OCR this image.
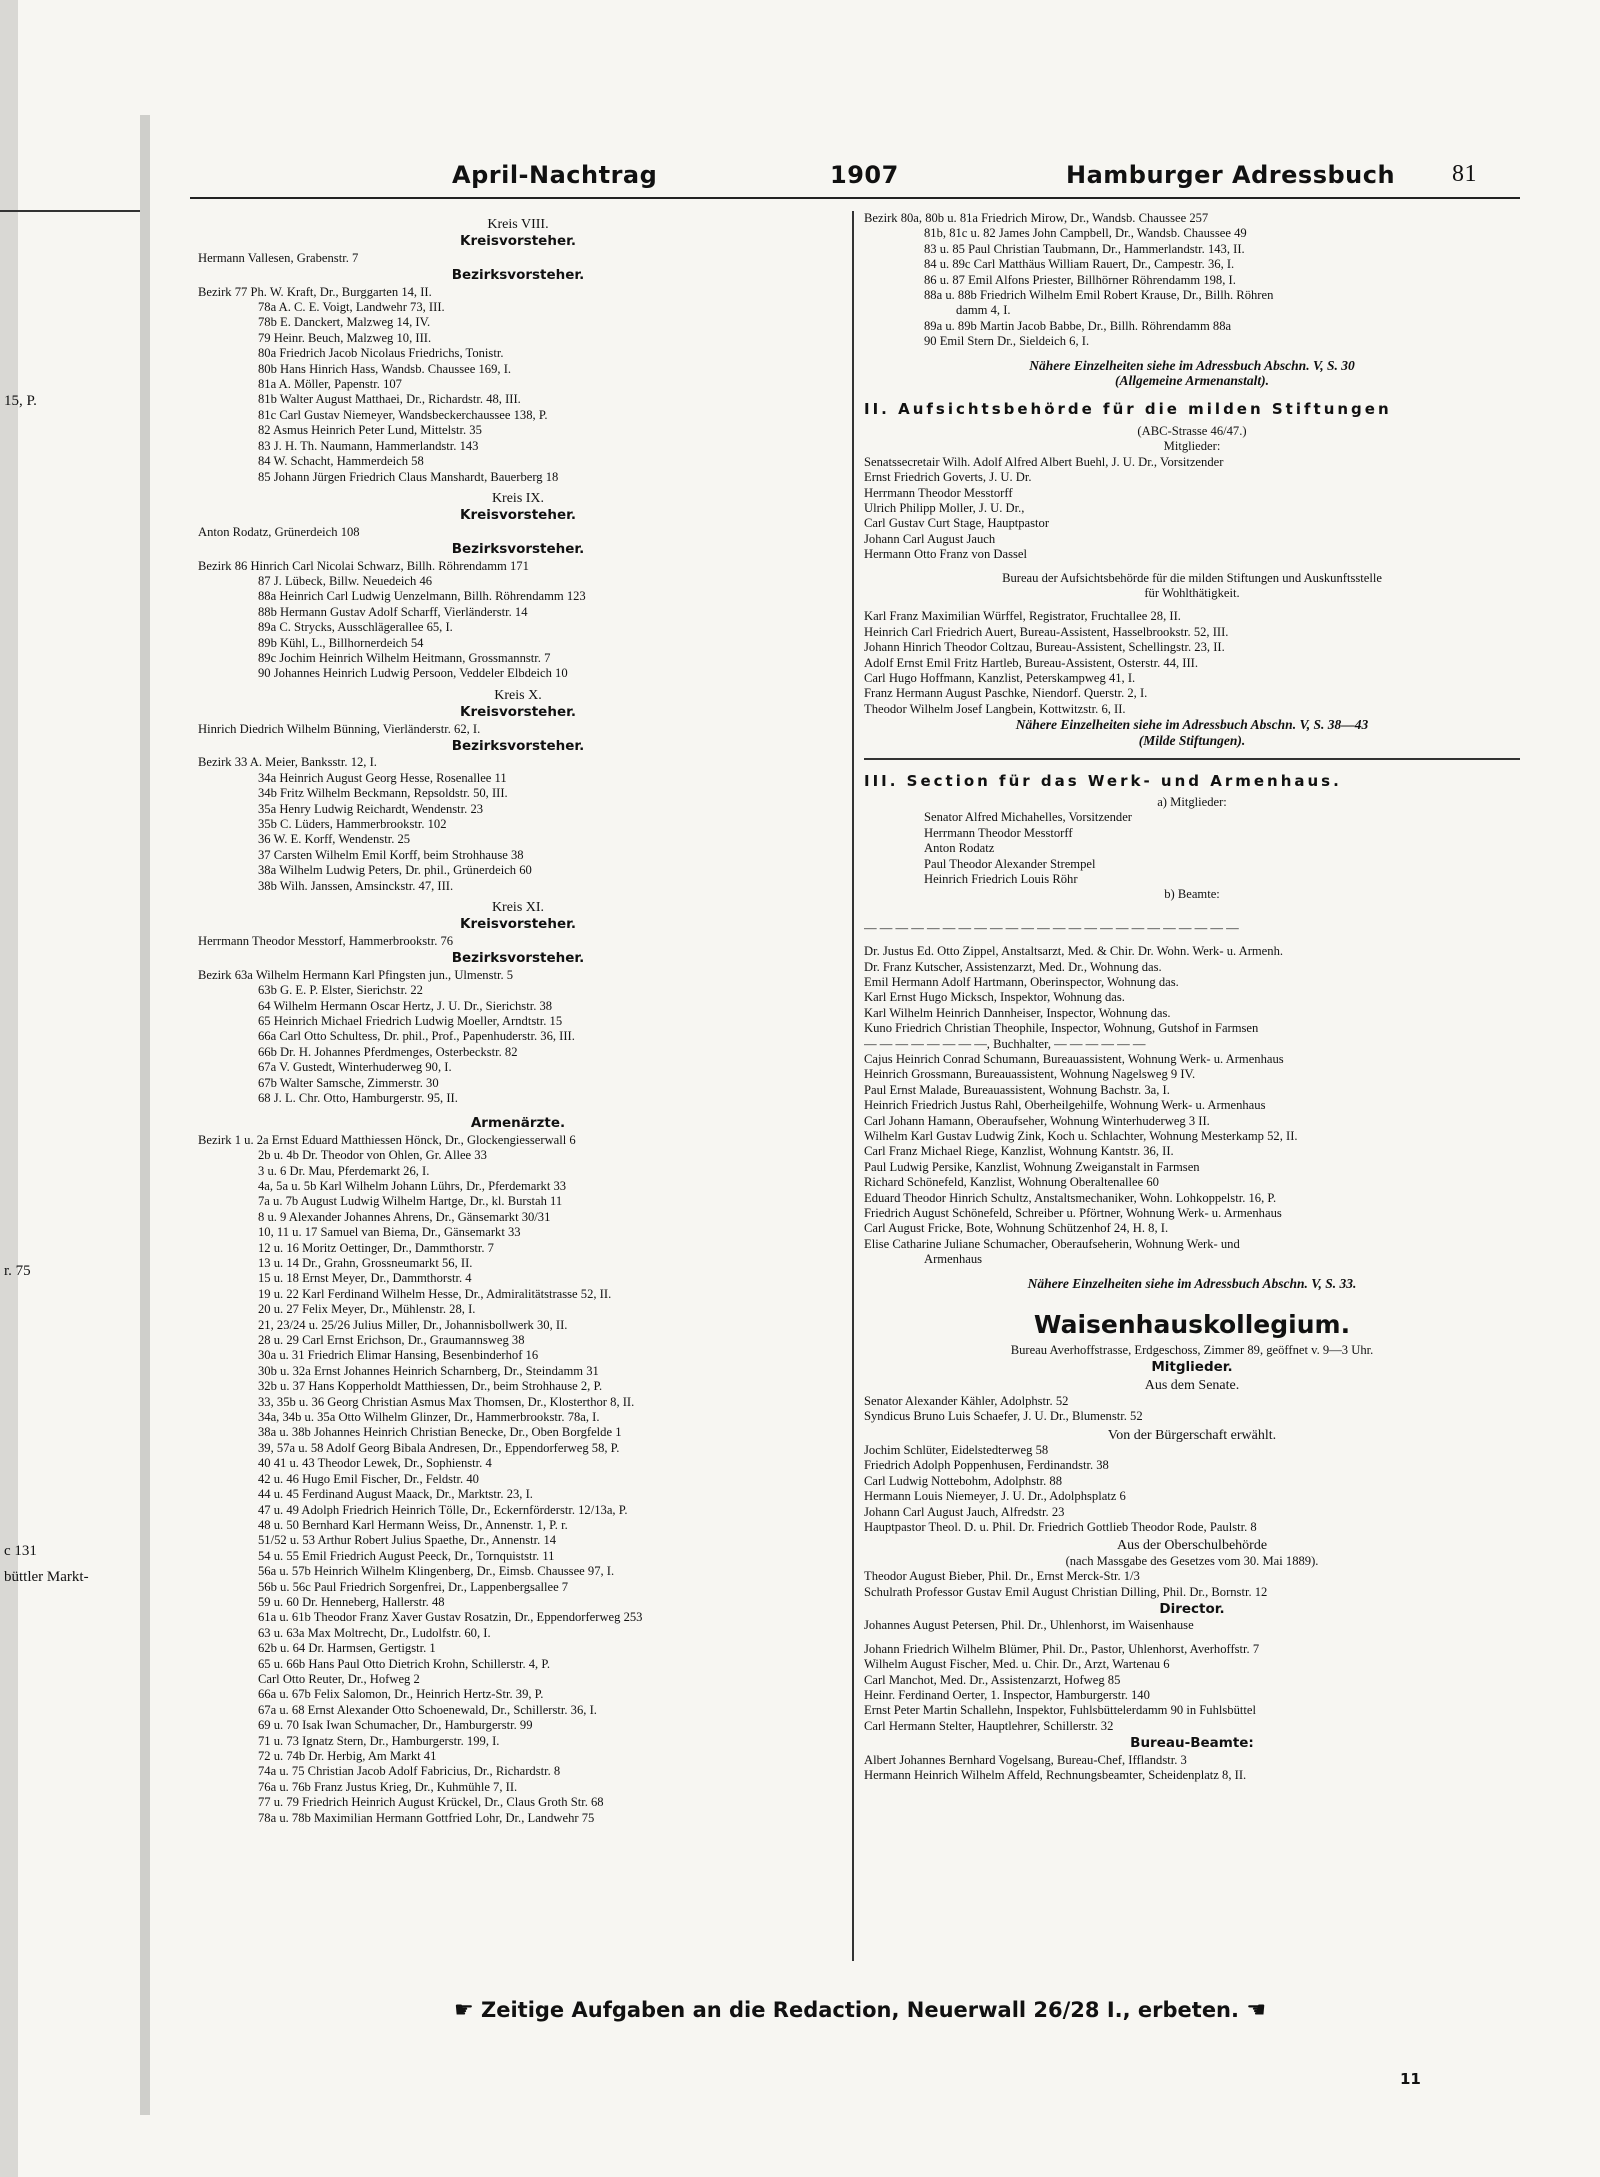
15, P.
r. 75
c 131
büttler Markt-
April-Nachtrag	1907	Hamburger Adressbuch 81
Kreis VIII.
Kreisvorsteher.
Hermann Vallesen, Grabenstr. 7
Bezirksvorsteher.
Bezirk 77 Ph. W. Kraft, Dr., Burggarten 14, II.
78a A. C. E. Voigt, Landwehr 73, III.
78b E. Danckert, Malzweg 14, IV.
79 Heinr. Beuch, Malzweg 10, III.
80a Friedrich Jacob Nicolaus Friedrichs, Tonistr.
80b Hans Hinrich Hass, Wandsb. Chaussee 169, I.
81a A. Möller, Papenstr. 107
81b Walter August Matthaei, Dr., Richardstr. 48, III.
81c Carl Gustav Niemeyer, Wandsbeckerchaussee 138, P.
82 Asmus Heinrich Peter Lund, Mittelstr. 35
83 J. H. Th. Naumann, Hammerlandstr. 143
84 W. Schacht, Hammerdeich 58
85 Johann Jürgen Friedrich Claus Manshardt, Bauerberg 18
Kreis IX.
Kreisvorsteher.
Anton Rodatz, Grünerdeich 108
Bezirksvorsteher.
Bezirk 86 Hinrich Carl Nicolai Schwarz, Billh. Röhrendamm 171
87 J. Lübeck, Billw. Neuedeich 46
88a Heinrich Carl Ludwig Uenzelmann, Billh. Röhrendamm 123
88b Hermann Gustav Adolf Scharff, Vierländerstr. 14
89a C. Strycks, Ausschlägerallee 65, I.
89b Kühl, L., Billhornerdeich 54
89c Jochim Heinrich Wilhelm Heitmann, Grossmannstr. 7
90 Johannes Heinrich Ludwig Persoon, Veddeler Elbdeich 10
Kreis X.
Kreisvorsteher.
Hinrich Diedrich Wilhelm Bünning, Vierländerstr. 62, I.
Bezirksvorsteher.
Bezirk 33 A. Meier, Banksstr. 12, I.
34a Heinrich August Georg Hesse, Rosenallee 11
34b Fritz Wilhelm Beckmann, Repsoldstr. 50, III.
35a Henry Ludwig Reichardt, Wendenstr. 23
35b C. Lüders, Hammerbrookstr. 102
36 W. E. Korff, Wendenstr. 25
37 Carsten Wilhelm Emil Korff, beim Strohhause 38
38a Wilhelm Ludwig Peters, Dr. phil., Grünerdeich 60
38b Wilh. Janssen, Amsinckstr. 47, III.
Kreis XI.
Kreisvorsteher.
Herrmann Theodor Messtorf, Hammerbrookstr. 76
Bezirksvorsteher.
Bezirk 63a Wilhelm Hermann Karl Pfingsten jun., Ulmenstr. 5
63b G. E. P. Elster, Sierichstr. 22
64 Wilhelm Hermann Oscar Hertz, J. U. Dr., Sierichstr. 38
65 Heinrich Michael Friedrich Ludwig Moeller, Arndtstr. 15
66a Carl Otto Schultess, Dr. phil., Prof., Papenhuderstr. 36, III.
66b Dr. H. Johannes Pferdmenges, Osterbeckstr. 82
67a V. Gustedt, Winterhuderweg 90, I.
67b Walter Samsche, Zimmerstr. 30
68 J. L. Chr. Otto, Hamburgerstr. 95, II.
Armenärzte.
Bezirk 1 u. 2a Ernst Eduard Matthiessen Hönck, Dr., Glockengiesserwall 6
2b u. 4b Dr. Theodor von Ohlen, Gr. Allee 33
3 u. 6 Dr. Mau, Pferdemarkt 26, I.
4a, 5a u. 5b Karl Wilhelm Johann Lührs, Dr., Pferdemarkt 33
7a u. 7b August Ludwig Wilhelm Hartge, Dr., kl. Burstah 11
8 u. 9 Alexander Johannes Ahrens, Dr., Gänsemarkt 30/31
10, 11 u. 17 Samuel van Biema, Dr., Gänsemarkt 33
12 u. 16 Moritz Oettinger, Dr., Dammthorstr. 7
13 u. 14 Dr., Grahn, Grossneumarkt 56, II.
15 u. 18 Ernst Meyer, Dr., Dammthorstr. 4
19 u. 22 Karl Ferdinand Wilhelm Hesse, Dr., Admiralitätstrasse 52, II.
20 u. 27 Felix Meyer, Dr., Mühlenstr. 28, I.
21, 23/24 u. 25/26 Julius Miller, Dr., Johannisbollwerk 30, II.
28 u. 29 Carl Ernst Erichson, Dr., Graumannsweg 38
30a u. 31 Friedrich Elimar Hansing, Besenbinderhof 16
30b u. 32a Ernst Johannes Heinrich Scharnberg, Dr., Steindamm 31
32b u. 37 Hans Kopperholdt Matthiessen, Dr., beim Strohhause 2, P.
33, 35b u. 36 Georg Christian Asmus Max Thomsen, Dr., Klosterthor 8, II.
34a, 34b u. 35a Otto Wilhelm Glinzer, Dr., Hammerbrookstr. 78a, I.
38a u. 38b Johannes Heinrich Christian Benecke, Dr., Oben Borgfelde 1
39, 57a u. 58 Adolf Georg Bibala Andresen, Dr., Eppendorferweg 58, P.
40 41 u. 43 Theodor Lewek, Dr., Sophienstr. 4
42 u. 46 Hugo Emil Fischer, Dr., Feldstr. 40
44 u. 45 Ferdinand August Maack, Dr., Marktstr. 23, I.
47 u. 49 Adolph Friedrich Heinrich Tölle, Dr., Eckernförderstr. 12/13a, P.
48 u. 50 Bernhard Karl Hermann Weiss, Dr., Annenstr. 1, P. r.
51/52 u. 53 Arthur Robert Julius Spaethe, Dr., Annenstr. 14
54 u. 55 Emil Friedrich August Peeck, Dr., Tornquiststr. 11
56a u. 57b Heinrich Wilhelm Klingenberg, Dr., Eimsb. Chaussee 97, I.
56b u. 56c Paul Friedrich Sorgenfrei, Dr., Lappenbergsallee 7
59 u. 60 Dr. Henneberg, Hallerstr. 48
61a u. 61b Theodor Franz Xaver Gustav Rosatzin, Dr., Eppendorferweg 253
63 u. 63a Max Moltrecht, Dr., Ludolfstr. 60, I.
62b u. 64 Dr. Harmsen, Gertigstr. 1
65 u. 66b Hans Paul Otto Dietrich Krohn, Schillerstr. 4, P.
Carl Otto Reuter, Dr., Hofweg 2
66a u. 67b Felix Salomon, Dr., Heinrich Hertz-Str. 39, P.
67a u. 68 Ernst Alexander Otto Schoenewald, Dr., Schillerstr. 36, I.
69 u. 70 Isak Iwan Schumacher, Dr., Hamburgerstr. 99
71 u. 73 Ignatz Stern, Dr., Hamburgerstr. 199, I.
72 u. 74b Dr. Herbig, Am Markt 41
74a u. 75 Christian Jacob Adolf Fabricius, Dr., Richardstr. 8
76a u. 76b Franz Justus Krieg, Dr., Kuhmühle 7, II.
77 u. 79 Friedrich Heinrich August Krückel, Dr., Claus Groth Str. 68
78a u. 78b Maximilian Hermann Gottfried Lohr, Dr., Landwehr 75
Bezirk 80a, 80b u. 81a Friedrich Mirow, Dr., Wandsb. Chaussee 257
81b, 81c u. 82 James John Campbell, Dr., Wandsb. Chaussee 49
83 u. 85 Paul Christian Taubmann, Dr., Hammerlandstr. 143, II.
84 u. 89c Carl Matthäus William Rauert, Dr., Campestr. 36, I.
86 u. 87 Emil Alfons Priester, Billhörner Röhrendamm 198, I.
88a u. 88b Friedrich Wilhelm Emil Robert Krause, Dr., Billh. Röhren
damm 4, I.
89a u. 89b Martin Jacob Babbe, Dr., Billh. Röhrendamm 88a
90 Emil Stern Dr., Sieldeich 6, I.
Nähere Einzelheiten siehe im Adressbuch Abschn. V, S. 30
(Allgemeine Armenanstalt).
II. Aufsichtsbehörde für die milden Stiftungen
(ABC-Strasse 46/47.)
Mitglieder:
Senatssecretair Wilh. Adolf Alfred Albert Buehl, J. U. Dr., Vorsitzender
Ernst Friedrich Goverts, J. U. Dr.
Herrmann Theodor Messtorff
Ulrich Philipp Moller, J. U. Dr.,
Carl Gustav Curt Stage, Hauptpastor
Johann Carl August Jauch
Hermann Otto Franz von Dassel
Bureau der Aufsichtsbehörde für die milden Stiftungen und Auskunftsstelle
für Wohlthätigkeit.
Karl Franz Maximilian Würffel, Registrator, Fruchtallee 28, II.
Heinrich Carl Friedrich Auert, Bureau-Assistent, Hasselbrookstr. 52, III.
Johann Hinrich Theodor Coltzau, Bureau-Assistent, Schellingstr. 23, II.
Adolf Ernst Emil Fritz Hartleb, Bureau-Assistent, Osterstr. 44, III.
Carl Hugo Hoffmann, Kanzlist, Peterskampweg 41, I.
Franz Hermann August Paschke, Niendorf. Querstr. 2, I.
Theodor Wilhelm Josef Langbein, Kottwitzstr. 6, II.
Nähere Einzelheiten siehe im Adressbuch Abschn. V, S. 38—43
(Milde Stiftungen).
III. Section für das Werk- und Armenhaus.
a) Mitglieder:
Senator Alfred Michahelles, Vorsitzender
Herrmann Theodor Messtorff
Anton Rodatz
Paul Theodor Alexander Strempel
Heinrich Friedrich Louis Röhr
b) Beamte:
— — — — — — — — — — — — — — — — — — — — — — — —
Dr. Justus Ed. Otto Zippel, Anstaltsarzt, Med. & Chir. Dr. Wohn. Werk- u. Armenh.
Dr. Franz Kutscher, Assistenzarzt, Med. Dr., Wohnung das.
Emil Hermann Adolf Hartmann, Oberinspector, Wohnung das.
Karl Ernst Hugo Micksch, Inspektor, Wohnung das.
Karl Wilhelm Heinrich Dannheiser, Inspector, Wohnung das.
Kuno Friedrich Christian Theophile, Inspector, Wohnung, Gutshof in Farmsen
— — — — — — — —, Buchhalter, — — — — — —
Cajus Heinrich Conrad Schumann, Bureauassistent, Wohnung Werk- u. Armenhaus
Heinrich Grossmann, Bureauassistent, Wohnung Nagelsweg 9 IV.
Paul Ernst Malade, Bureauassistent, Wohnung Bachstr. 3a, I.
Heinrich Friedrich Justus Rahl, Oberheilgehilfe, Wohnung Werk- u. Armenhaus
Carl Johann Hamann, Oberaufseher, Wohnung Winterhuderweg 3 II.
Wilhelm Karl Gustav Ludwig Zink, Koch u. Schlachter, Wohnung Mesterkamp 52, II.
Carl Franz Michael Riege, Kanzlist, Wohnung Kantstr. 36, II.
Paul Ludwig Persike, Kanzlist, Wohnung Zweiganstalt in Farmsen
Richard Schönefeld, Kanzlist, Wohnung Oberaltenallee 60
Eduard Theodor Hinrich Schultz, Anstaltsmechaniker, Wohn. Lohkoppelstr. 16, P.
Friedrich August Schönefeld, Schreiber u. Pförtner, Wohnung Werk- u. Armenhaus
Carl August Fricke, Bote, Wohnung Schützenhof 24, H. 8, I.
Elise Catharine Juliane Schumacher, Oberaufseherin, Wohnung Werk- und
Armenhaus
Nähere Einzelheiten siehe im Adressbuch Abschn. V, S. 33.
Waisenhauskollegium.
Bureau Averhoffstrasse, Erdgeschoss, Zimmer 89, geöffnet v. 9—3 Uhr.
Mitglieder.
Aus dem Senate.
Senator Alexander Kähler, Adolphstr. 52
Syndicus Bruno Luis Schaefer, J. U. Dr., Blumenstr. 52
Von der Bürgerschaft erwählt.
Jochim Schlüter, Eidelstedterweg 58
Friedrich Adolph Poppenhusen, Ferdinandstr. 38
Carl Ludwig Nottebohm, Adolphstr. 88
Hermann Louis Niemeyer, J. U. Dr., Adolphsplatz 6
Johann Carl August Jauch, Alfredstr. 23
Hauptpastor Theol. D. u. Phil. Dr. Friedrich Gottlieb Theodor Rode, Paulstr. 8
Aus der Oberschulbehörde
(nach Massgabe des Gesetzes vom 30. Mai 1889).
Theodor August Bieber, Phil. Dr., Ernst Merck-Str. 1/3
Schulrath Professor Gustav Emil August Christian Dilling, Phil. Dr., Bornstr. 12
Director.
Johannes August Petersen, Phil. Dr., Uhlenhorst, im Waisenhause
Johann Friedrich Wilhelm Blümer, Phil. Dr., Pastor, Uhlenhorst, Averhoffstr. 7
Wilhelm August Fischer, Med. u. Chir. Dr., Arzt, Wartenau 6
Carl Manchot, Med. Dr., Assistenzarzt, Hofweg 85
Heinr. Ferdinand Oerter, 1. Inspector, Hamburgerstr. 140
Ernst Peter Martin Schallehn, Inspektor, Fuhlsbüttelerdamm 90 in Fuhlsbüttel
Carl Hermann Stelter, Hauptlehrer, Schillerstr. 32
Bureau-Beamte:
Albert Johannes Bernhard Vogelsang, Bureau-Chef, Ifflandstr. 3
Hermann Heinrich Wilhelm Affeld, Rechnungsbeamter, Scheidenplatz 8, II.
☛ Zeitige Aufgaben an die Redaction, Neuerwall 26/28 I., erbeten. ☚
11
